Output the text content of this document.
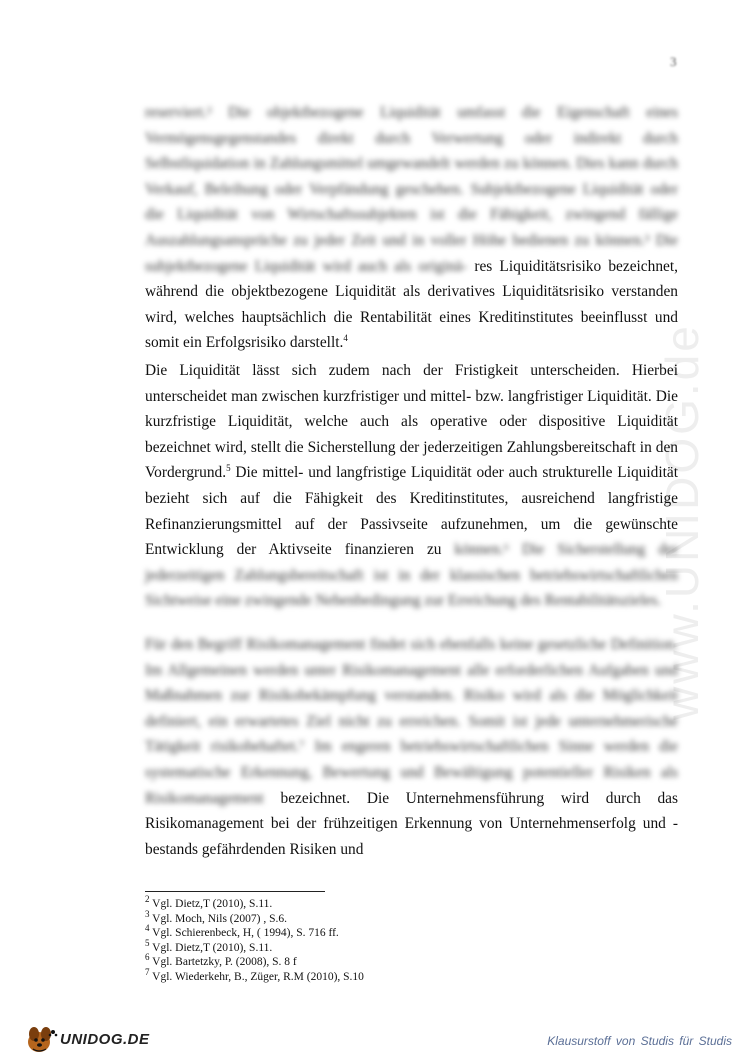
3
www.UNIDOG.de
reserviert.² Die objektbezogene Liquidität umfasst die Eigenschaft eines Vermögensgegenstandes direkt durch Verwertung oder indirekt durch Selbstliquidation in Zahlungsmittel umgewandelt werden zu können. Dies kann durch Verkauf, Beleihung oder Verpfändung geschehen. Subjektbezogene Liquidität oder die Liquidität von Wirtschaftssubjekten ist die Fähigkeit, zwingend fällige Auszahlungsansprüche zu jeder Zeit und in voller Höhe bedienen zu können.³ Die subjektbezogene Liquidität wird auch als originä- res Liquiditätsrisiko bezeichnet, während die objektbezogene Liquidität als derivatives Liquiditätsrisiko verstanden wird, welches hauptsächlich die Rentabilität eines Kreditinstitutes beeinflusst und somit ein Erfolgsrisiko darstellt.$^4$
Die Liquidität lässt sich zudem nach der Fristigkeit unterscheiden. Hierbei unterscheidet man zwischen kurzfristiger und mittel- bzw. langfristiger Liquidität. Die kurzfristige Liquidität, welche auch als operative oder dispositive Liquidität bezeichnet wird, stellt die Sicherstellung der jederzeitigen Zahlungsbereitschaft in den Vordergrund.$^5$ Die mittel- und langfristige Liquidität oder auch strukturelle Liquidität bezieht sich auf die Fähigkeit des Kreditinstitutes, ausreichend langfristige Refinanzierungsmittel auf der Passivseite aufzunehmen, um die gewünschte Entwicklung der Aktivseite finanzieren zu können.⁶ Die Sicherstellung der jederzeitigen Zahlungsbereitschaft ist in der klassischen betriebswirtschaftlichen Sichtweise eine zwingende Nebenbedingung zur Erreichung des Rentabilitätszieles.
Für den Begriff Risikomanagement findet sich ebenfalls keine gesetzliche Definition. Im Allgemeinen werden unter Risikomanagement alle erforderlichen Aufgaben und Maßnahmen zur Risikobekämpfung verstanden. Risiko wird als die Möglichkeit definiert, ein erwartetes Ziel nicht zu erreichen. Somit ist jede unternehmerische Tätigkeit risikobehaftet.⁷ Im engeren betriebswirtschaftlichen Sinne werden die systematische Erkennung, Bewertung und Bewältigung potentieller Risiken als Risikomanagement bezeichnet. Die Unternehmensführung wird durch das Risikomanagement bei der frühzeitigen Erkennung von Unternehmenserfolg und -bestands gefährdenden Risiken und
$^2$ Vgl. Dietz,T (2010), S.11.
$^3$ Vgl. Moch, Nils (2007) , S.6.
$^4$ Vgl. Schierenbeck, H, ( 1994), S. 716 ff.
$^5$ Vgl. Dietz,T (2010), S.11.
$^6$ Vgl. Bartetzky, P. (2008), S. 8 f
$^7$ Vgl. Wiederkehr, B., Züger, R.M (2010), S.10
UNIDOG.DE	Klausurstoff von Studis für Studis
